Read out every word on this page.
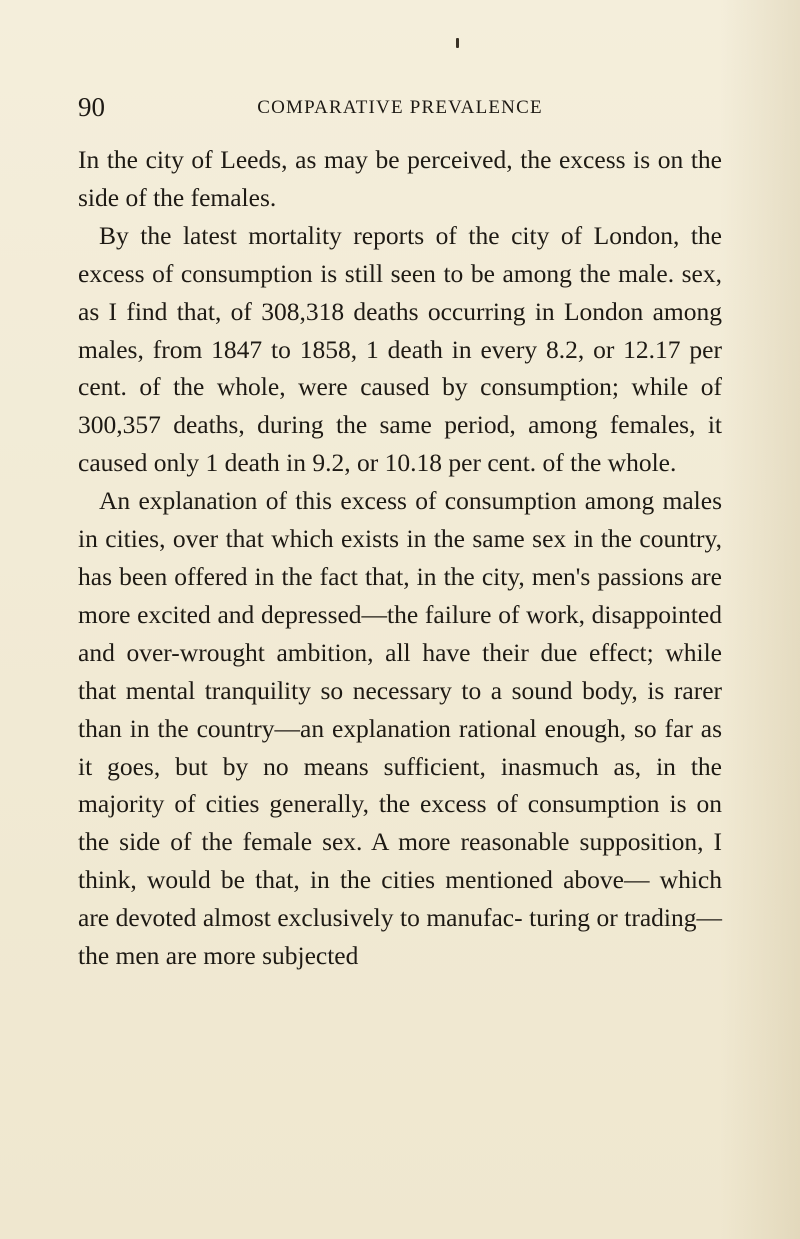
90	COMPARATIVE PREVALENCE

In the city of Leeds, as may be perceived, the excess is on the side of the females.

By the latest mortality reports of the city of London, the excess of consumption is still seen to be among the male. sex, as I find that, of 308,318 deaths occurring in London among males, from 1847 to 1858, 1 death in every 8.2, or 12.17 per cent. of the whole, were caused by consumption; while of 300,357 deaths, during the same period, among females, it caused only 1 death in 9.2, or 10.18 per cent. of the whole.

An explanation of this excess of consumption among males in cities, over that which exists in the same sex in the country, has been offered in the fact that, in the city, men's passions are more excited and depressed—the failure of work, disappointed and over-wrought ambition, all have their due effect; while that mental tranquility so necessary to a sound body, is rarer than in the country—an explanation rational enough, so far as it goes, but by no means sufficient, inasmuch as, in the majority of cities generally, the excess of consumption is on the side of the female sex. A more reasonable supposition, I think, would be that, in the cities mentioned above— which are devoted almost exclusively to manufac- turing or trading—the men are more subjected
